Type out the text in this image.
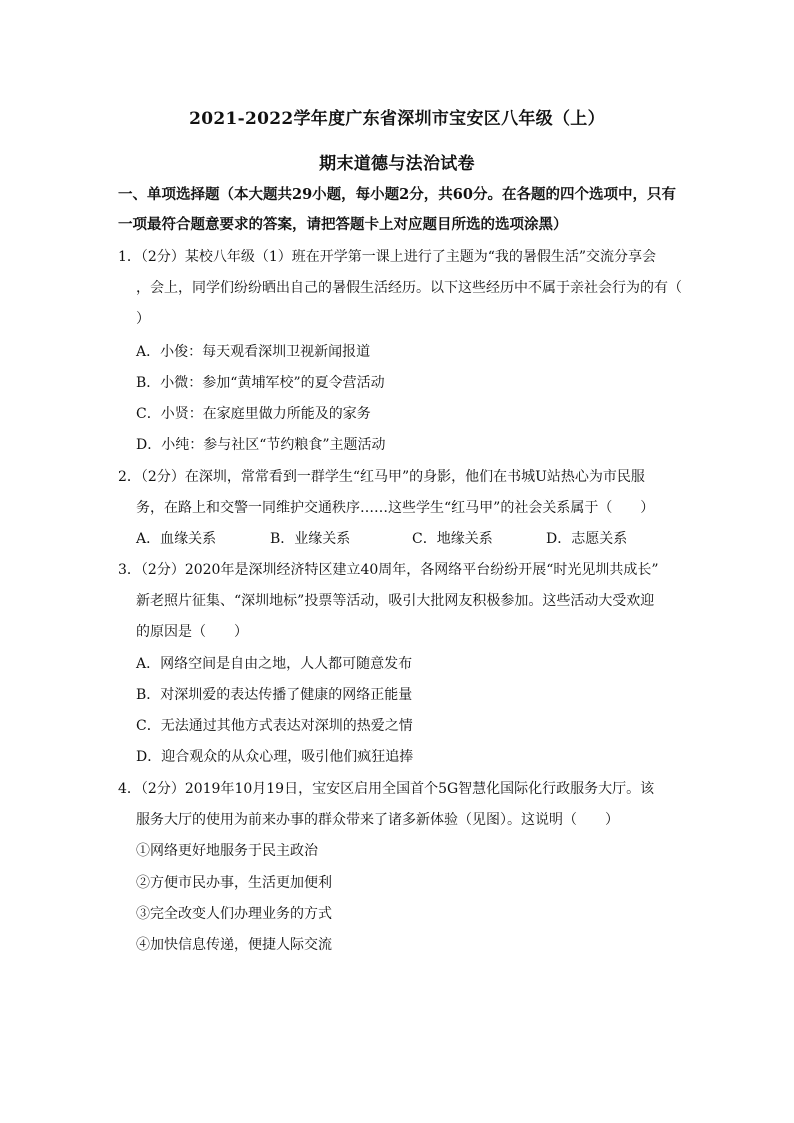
2021-2022学年度广东省深圳市宝安区八年级（上）
期末道德与法治试卷
一、单项选择题（本大题共29小题，每小题2分，共60分。在各题的四个选项中，只有
一项最符合题意要求的答案，请把答题卡上对应题目所选的选项涂黑）
1．（2分）某校八年级（1）班在开学第一课上进行了主题为“我的暑假生活”交流分享会
，会上，同学们纷纷晒出自己的暑假生活经历。以下这些经历中不属于亲社会行为的有（
）
A．小俊：每天观看深圳卫视新闻报道
B．小微：参加“黄埔军校”的夏令营活动
C．小贤：在家庭里做力所能及的家务
D．小纯：参与社区“节约粮食”主题活动
2．（2分）在深圳，常常看到一群学生“红马甲”的身影，他们在书城U站热心为市民服
务，在路上和交警一同维护交通秩序……这些学生“红马甲”的社会关系属于（　　）
A．血缘关系	B．业缘关系	C．地缘关系	D．志愿关系
3．（2分）2020年是深圳经济特区建立40周年，各网络平台纷纷开展“时光见圳共成长”
新老照片征集、“深圳地标”投票等活动，吸引大批网友积极参加。这些活动大受欢迎
的原因是（　　）
A．网络空间是自由之地，人人都可随意发布
B．对深圳爱的表达传播了健康的网络正能量
C．无法通过其他方式表达对深圳的热爱之情
D．迎合观众的从众心理，吸引他们疯狂追捧
4．（2分）2019年10月19日，宝安区启用全国首个5G智慧化国际化行政服务大厅。该
服务大厅的使用为前来办事的群众带来了诸多新体验（见图）。这说明（　　）
①网络更好地服务于民主政治
②方便市民办事，生活更加便利
③完全改变人们办理业务的方式
④加快信息传递，便捷人际交流
